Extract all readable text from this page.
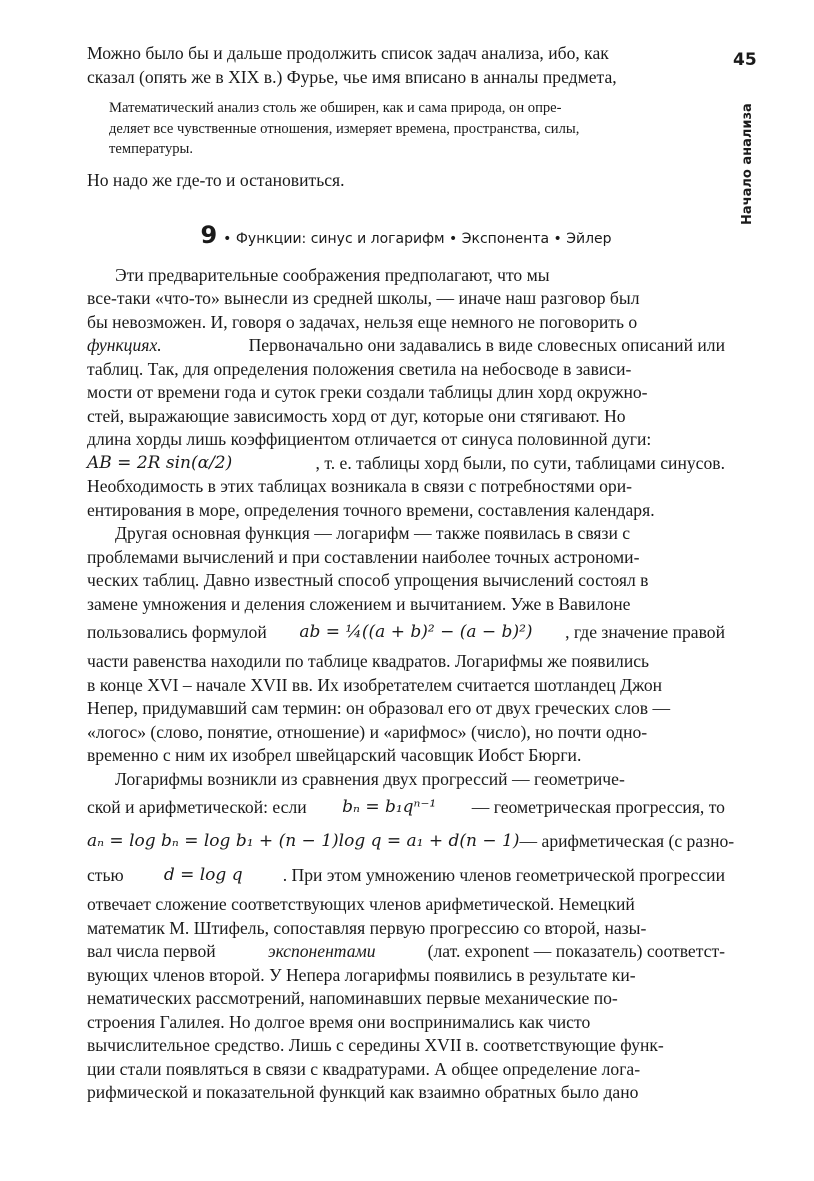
45
Начало анализа
Можно было бы и дальше продолжить список задач анализа, ибо, как
сказал (опять же в XIX в.) Фурье, чье имя вписано в анналы предмета,
Математический анализ столь же обширен, как и сама природа, он опре-
деляет все чувственные отношения, измеряет времена, пространства, силы,
температуры.
Но надо же где-то и остановиться.
9 • Функции: синус и логарифм • Экспонента • Эйлер
Эти предварительные соображения предполагают, что мы
все-таки «что-то» вынесли из средней школы, — иначе наш разговор был
бы невозможен. И, говоря о задачах, нельзя еще немного не поговорить о
функциях.	Первоначально они задавались в виде словесных описаний или
таблиц. Так, для определения положения светила на небосводе в зависи-
мости от времени года и суток греки создали таблицы длин хорд окружно-
стей, выражающие зависимость хорд от дуг, которые они стягивают. Но
длина хорды лишь коэффициентом отличается от синуса половинной дуги:
AB = 2R sin(α/2)	, т. е. таблицы хорд были, по сути, таблицами синусов.
Необходимость в этих таблицах возникала в связи с потребностями ори-
ентирования в море, определения точного времени, составления календаря.
Другая основная функция — логарифм — также появилась в связи с
проблемами вычислений и при составлении наиболее точных астрономи-
ческих таблиц. Давно известный способ упрощения вычислений состоял в
замене умножения и деления сложением и вычитанием. Уже в Вавилоне
пользовались формулой ab = ¼((a + b)² − (a − b)²) , где значение правой
части равенства находили по таблице квадратов. Логарифмы же появились
в конце XVI – начале XVII вв. Их изобретателем считается шотландец Джон
Непер, придумавший сам термин: он образовал его от двух греческих слов —
«логос» (слово, понятие, отношение) и «арифмос» (число), но почти одно-
временно с ним их изобрел швейцарский часовщик Иобст Бюрги.
Логарифмы возникли из сравнения двух прогрессий — геометриче-
ской и арифметической: если bₙ = b₁qⁿ⁻¹ — геометрическая прогрессия, то
aₙ = log bₙ = log b₁ + (n − 1)log q = a₁ + d(n − 1) — арифметическая (с разно-
стью d = log q . При этом умножению членов геометрической прогрессии
отвечает сложение соответствующих членов арифметической. Немецкий
математик М. Штифель, сопоставляя первую прогрессию со второй, назы-
вал числа первой	экспонентами	(лат. exponent — показатель) соответст-
вующих членов второй. У Непера логарифмы появились в результате ки-
нематических рассмотрений, напоминавших первые механические по-
строения Галилея. Но долгое время они воспринимались как чисто
вычислительное средство. Лишь с середины XVII в. соответствующие функ-
ции стали появляться в связи с квадратурами. А общее определение лога-
рифмической и показательной функций как взаимно обратных было дано
